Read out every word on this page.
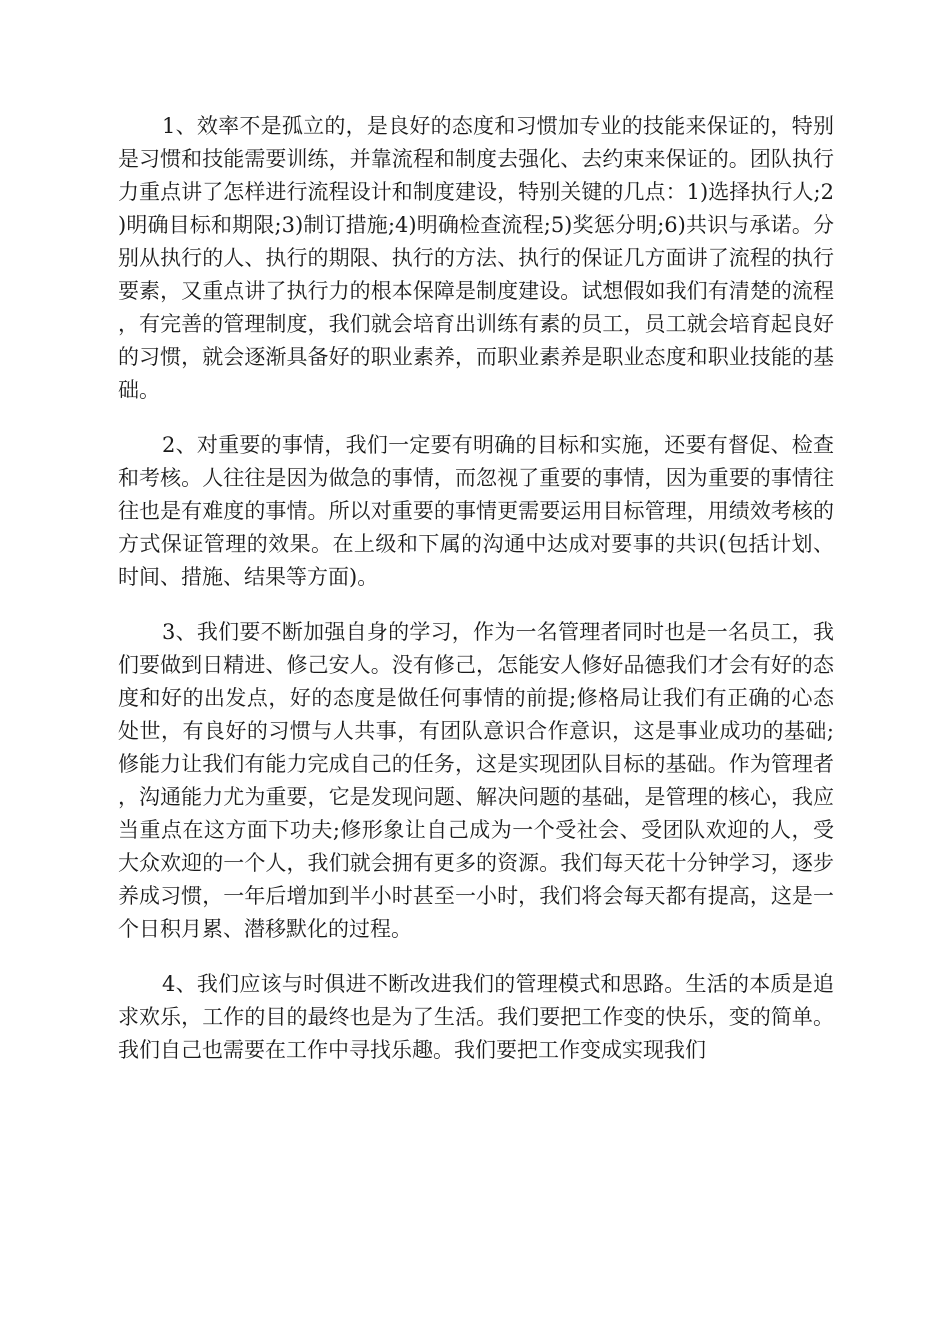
1、效率不是孤立的，是良好的态度和习惯加专业的技能来保证的，特别是习惯和技能需要训练，并靠流程和制度去强化、去约束来保证的。团队执行力重点讲了怎样进行流程设计和制度建设，特别关键的几点：1)选择执行人;2)明确目标和期限;3)制订措施;4)明确检查流程;5)奖惩分明;6)共识与承诺。分别从执行的人、执行的期限、执行的方法、执行的保证几方面讲了流程的执行要素，又重点讲了执行力的根本保障是制度建设。试想假如我们有清楚的流程，有完善的管理制度，我们就会培育出训练有素的员工，员工就会培育起良好的习惯，就会逐渐具备好的职业素养，而职业素养是职业态度和职业技能的基础。

2、对重要的事情，我们一定要有明确的目标和实施，还要有督促、检查和考核。人往往是因为做急的事情，而忽视了重要的事情，因为重要的事情往往也是有难度的事情。所以对重要的事情更需要运用目标管理，用绩效考核的方式保证管理的效果。在上级和下属的沟通中达成对要事的共识(包括计划、时间、措施、结果等方面)。

3、我们要不断加强自身的学习，作为一名管理者同时也是一名员工，我们要做到日精进、修己安人。没有修己，怎能安人修好品德我们才会有好的态度和好的出发点，好的态度是做任何事情的前提;修格局让我们有正确的心态处世，有良好的习惯与人共事，有团队意识合作意识，这是事业成功的基础;修能力让我们有能力完成自己的任务，这是实现团队目标的基础。作为管理者，沟通能力尤为重要，它是发现问题、解决问题的基础，是管理的核心，我应当重点在这方面下功夫;修形象让自己成为一个受社会、受团队欢迎的人，受大众欢迎的一个人，我们就会拥有更多的资源。我们每天花十分钟学习，逐步养成习惯，一年后增加到半小时甚至一小时，我们将会每天都有提高，这是一个日积月累、潜移默化的过程。

4、我们应该与时俱进不断改进我们的管理模式和思路。生活的本质是追求欢乐，工作的目的最终也是为了生活。我们要把工作变的快乐，变的简单。我们自己也需要在工作中寻找乐趣。我们要把工作变成实现我们
